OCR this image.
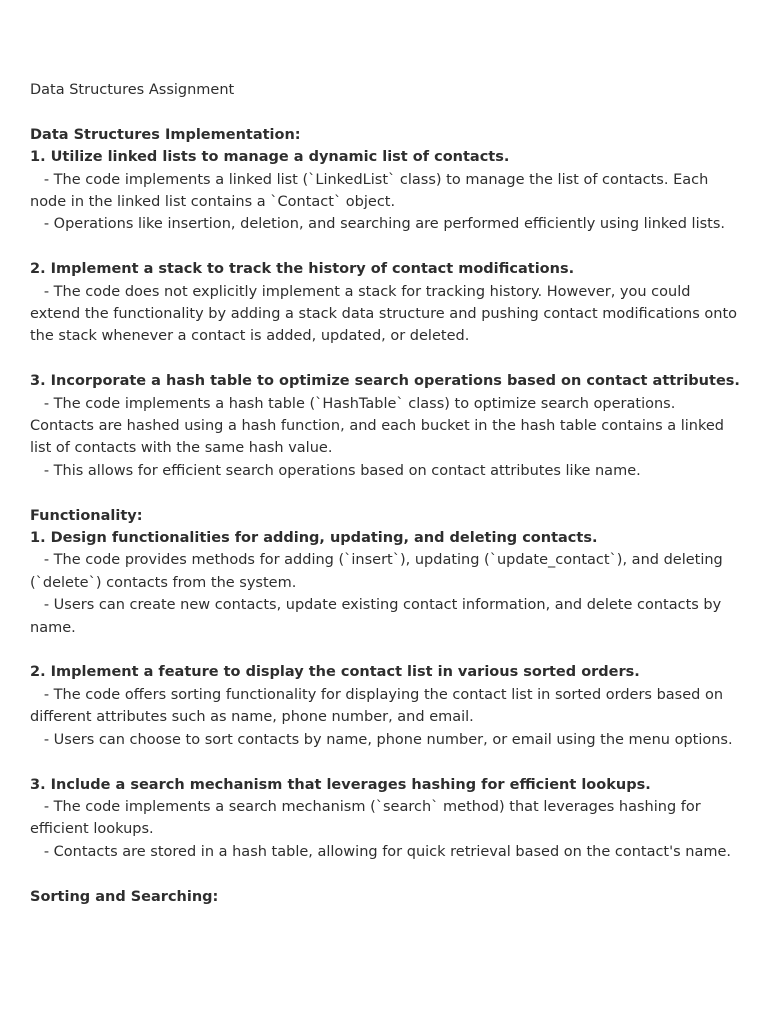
Data Structures Assignment
Data Structures Implementation:
1. Utilize linked lists to manage a dynamic list of contacts.
- The code implements a linked list (`LinkedList` class) to manage the list of contacts. Each node in the linked list contains a `Contact` object.
- Operations like insertion, deletion, and searching are performed efficiently using linked lists.
2. Implement a stack to track the history of contact modifications.
- The code does not explicitly implement a stack for tracking history. However, you could extend the functionality by adding a stack data structure and pushing contact modifications onto the stack whenever a contact is added, updated, or deleted.
3. Incorporate a hash table to optimize search operations based on contact attributes.
- The code implements a hash table (`HashTable` class) to optimize search operations. Contacts are hashed using a hash function, and each bucket in the hash table contains a linked list of contacts with the same hash value.
- This allows for efficient search operations based on contact attributes like name.
Functionality:
1. Design functionalities for adding, updating, and deleting contacts.
- The code provides methods for adding (`insert`), updating (`update_contact`), and deleting (`delete`) contacts from the system.
- Users can create new contacts, update existing contact information, and delete contacts by name.
2. Implement a feature to display the contact list in various sorted orders.
- The code offers sorting functionality for displaying the contact list in sorted orders based on different attributes such as name, phone number, and email.
- Users can choose to sort contacts by name, phone number, or email using the menu options.
3. Include a search mechanism that leverages hashing for efficient lookups.
- The code implements a search mechanism (`search` method) that leverages hashing for efficient lookups.
- Contacts are stored in a hash table, allowing for quick retrieval based on the contact's name.
Sorting and Searching:
